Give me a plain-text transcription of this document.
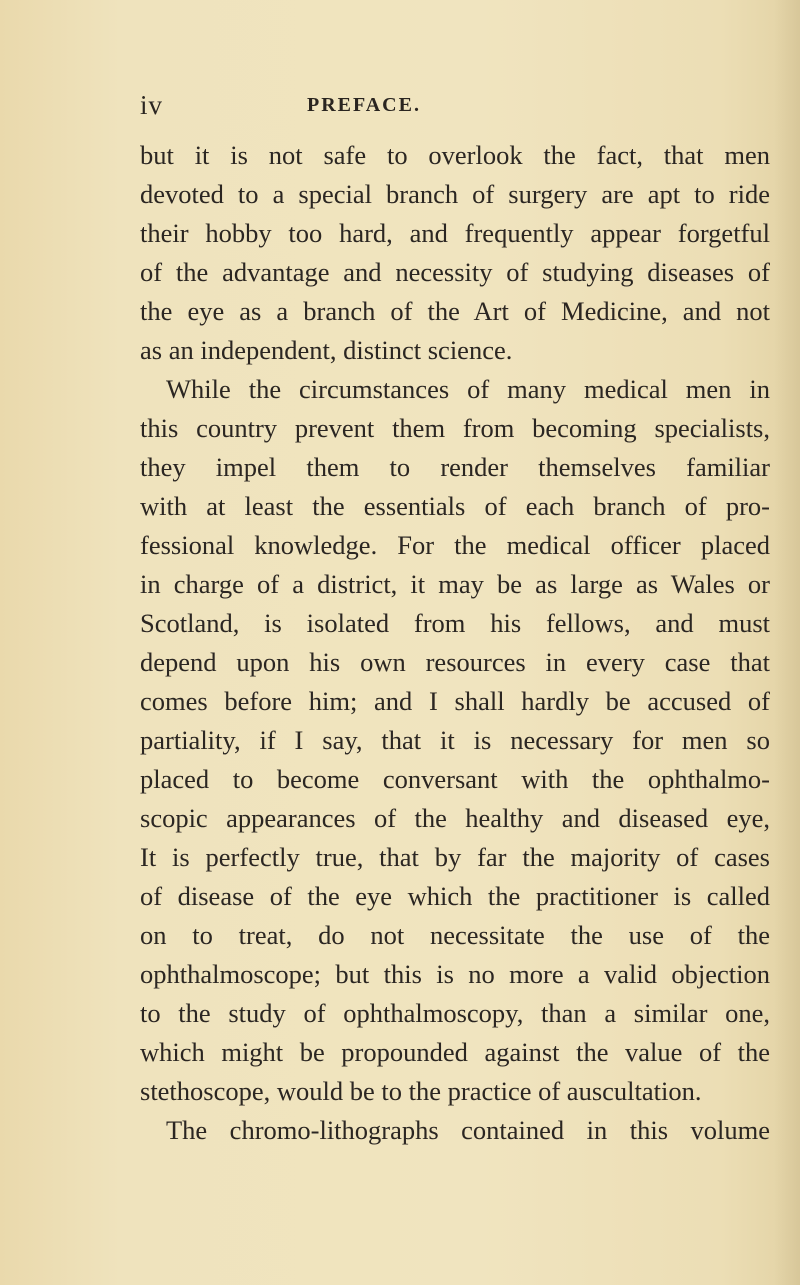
iv	PREFACE.
but it is not safe to overlook the fact, that men
devoted to a special branch of surgery are apt to ride
their hobby too hard, and frequently appear forgetful
of the advantage and necessity of studying diseases of
the eye as a branch of the Art of Medicine, and not
as an independent, distinct science.
While the circumstances of many medical men in
this country prevent them from becoming specialists,
they impel them to render themselves familiar
with at least the essentials of each branch of pro-
fessional knowledge. For the medical officer placed
in charge of a district, it may be as large as Wales or
Scotland, is isolated from his fellows, and must
depend upon his own resources in every case that
comes before him; and I shall hardly be accused of
partiality, if I say, that it is necessary for men so
placed to become conversant with the ophthalmo-
scopic appearances of the healthy and diseased eye,
It is perfectly true, that by far the majority of cases
of disease of the eye which the practitioner is called
on to treat, do not necessitate the use of the
ophthalmoscope; but this is no more a valid objection
to the study of ophthalmoscopy, than a similar one,
which might be propounded against the value of the
stethoscope, would be to the practice of auscultation.
The chromo-lithographs contained in this volume
